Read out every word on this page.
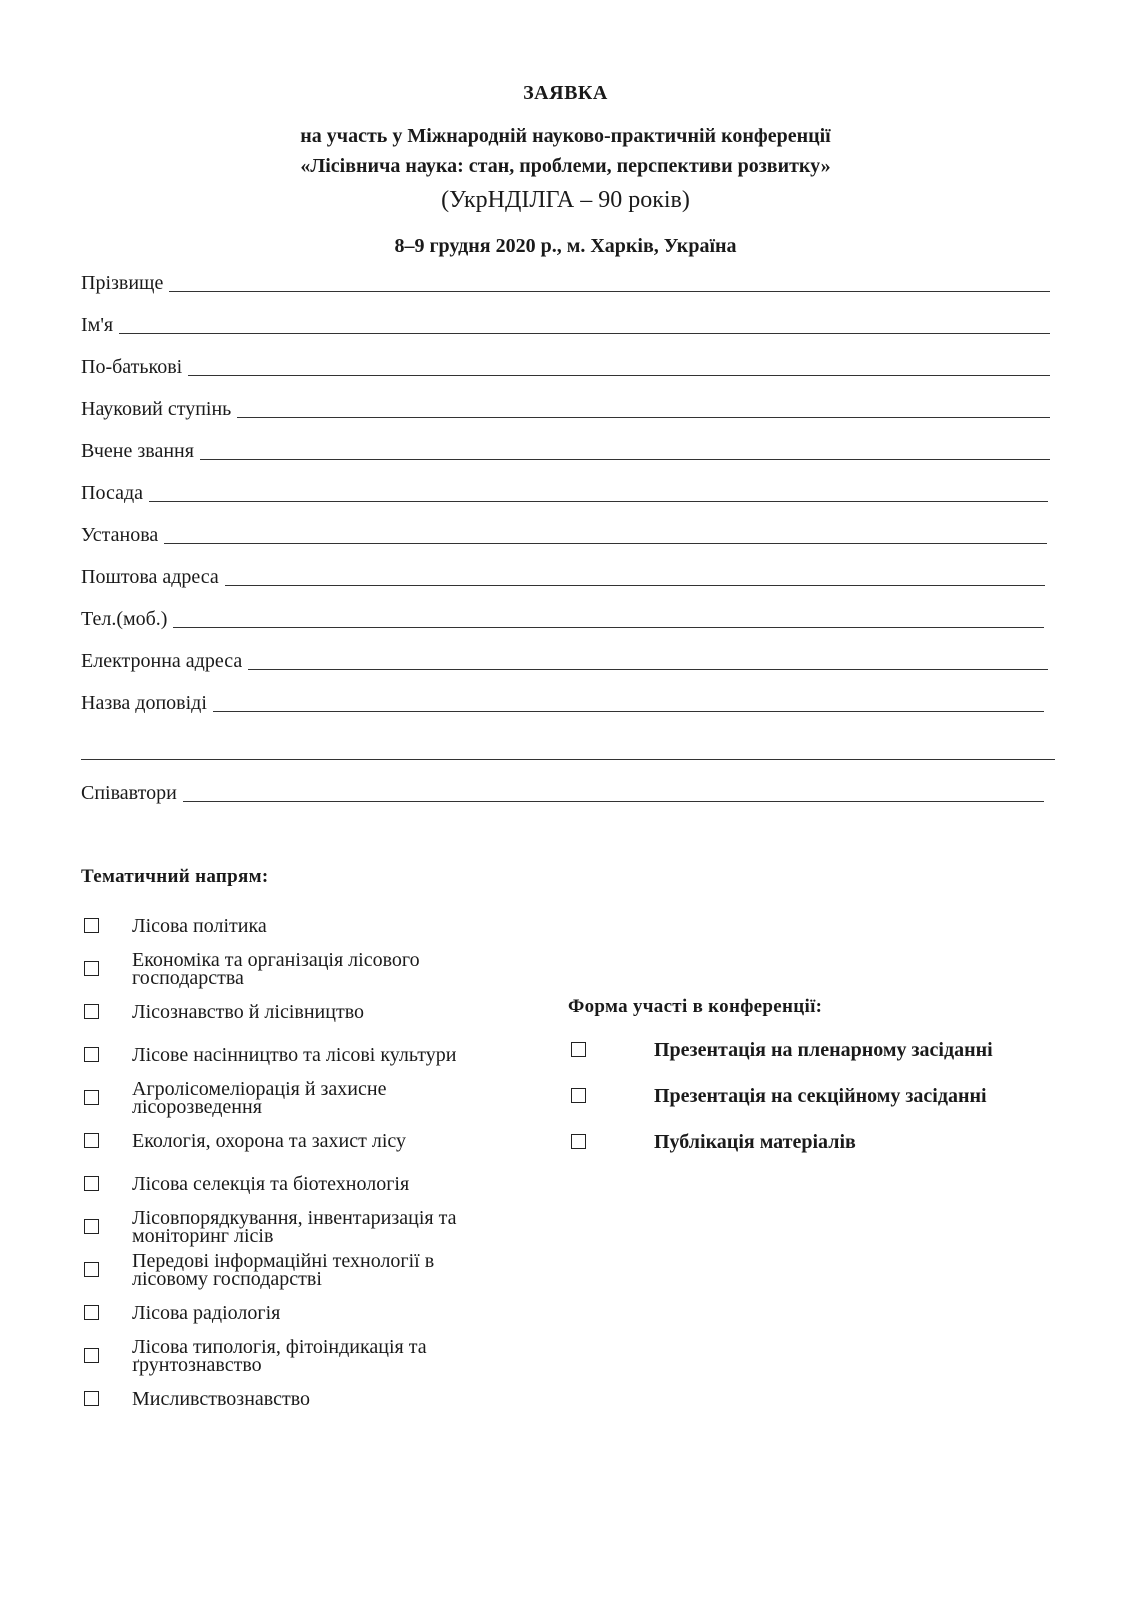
ЗАЯВКА
на участь у Міжнародній науково-практичній конференції
«Лісівнича наука: стан, проблеми, перспективи розвитку»
(УкрНДІЛГА – 90 років)
8–9 грудня 2020 р., м. Харків, Україна
Прізвище
Ім'я
По-батькові
Науковий ступінь
Вчене звання
Посада
Установа
Поштова адреса
Тел.(моб.)
Електронна адреса
Назва доповіді
Співавтори
Тематичний напрям:
Лісова політика
Економіка та організація лісового господарства
Лісознавство й лісівництво
Лісове насінництво та лісові культури
Агролісомеліорація й захисне лісорозведення
Екологія, охорона та захист лісу
Лісова селекція та біотехнологія
Лісовпорядкування, інвентаризація та моніторинг лісів
Передові інформаційні технології в лісовому господарстві
Лісова радіологія
Лісова типологія, фітоіндикація та ґрунтознавство
Мисливствознавство
Форма участі в конференції:
Презентація на пленарному засіданні
Презентація на секційному засіданні
Публікація матеріалів
